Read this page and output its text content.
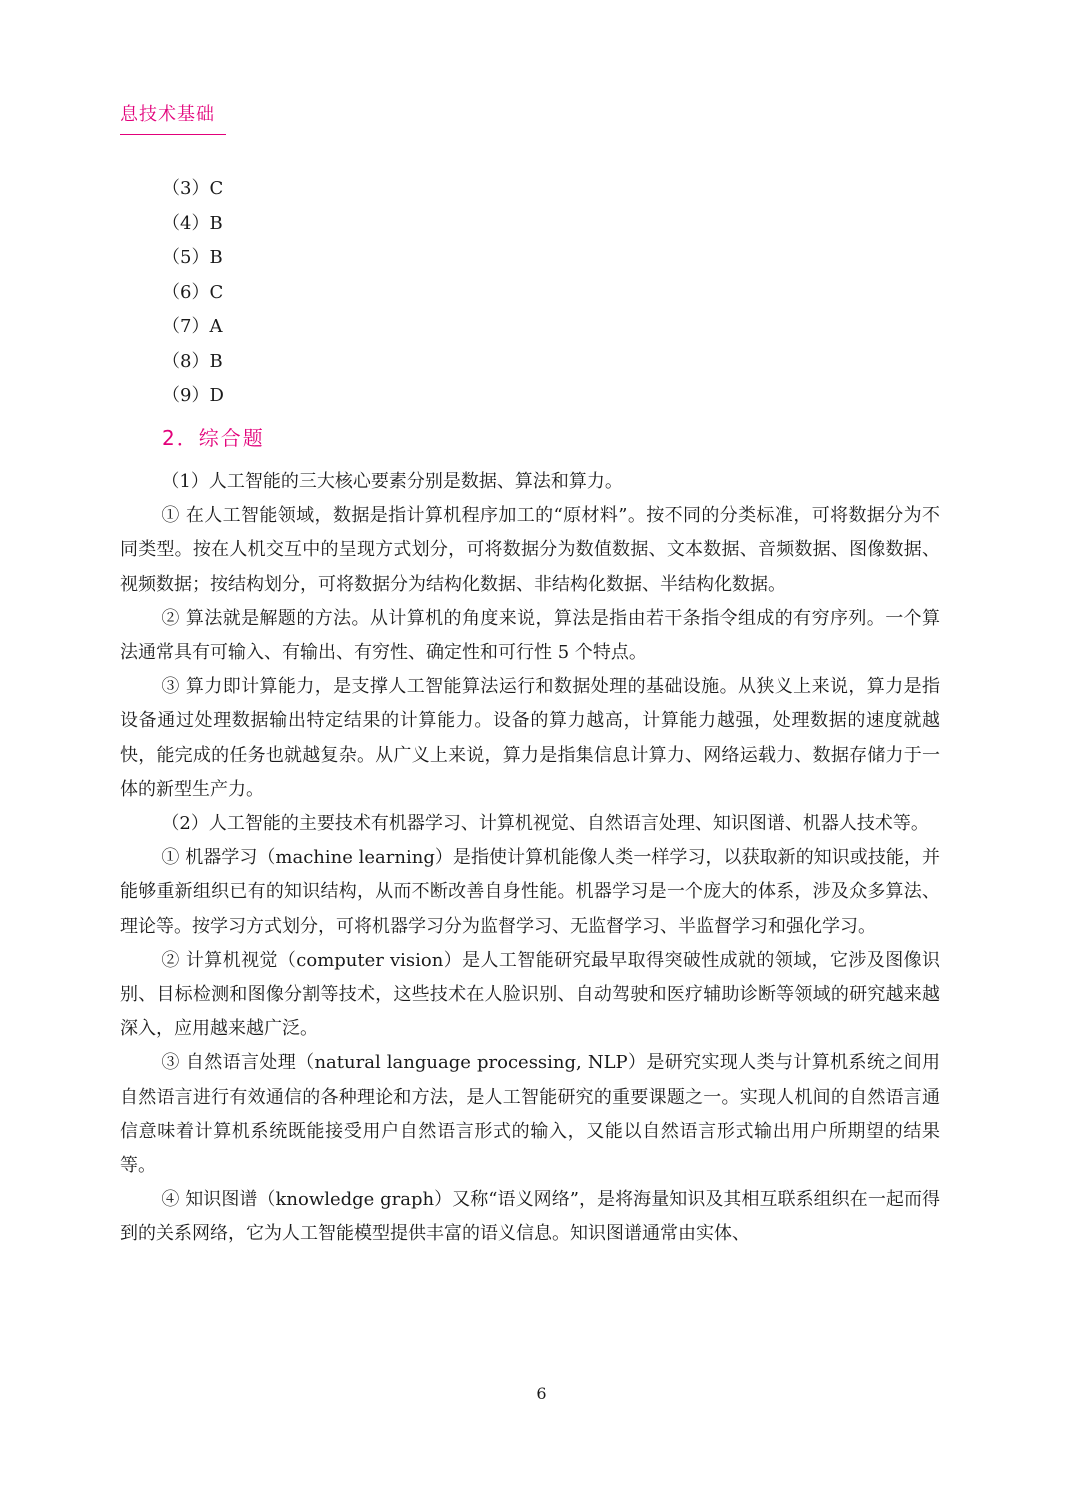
息技术基础
（3）C
（4）B
（5）B
（6）C
（7）A
（8）B
（9）D
2．综合题

（1）人工智能的三大核心要素分别是数据、算法和算力。

① 在人工智能领域，数据是指计算机程序加工的“原材料”。按不同的分类标准，可将数据分为不同类型。按在人机交互中的呈现方式划分，可将数据分为数值数据、文本数据、音频数据、图像数据、视频数据；按结构划分，可将数据分为结构化数据、非结构化数据、半结构化数据。

② 算法就是解题的方法。从计算机的角度来说，算法是指由若干条指令组成的有穷序列。一个算法通常具有可输入、有输出、有穷性、确定性和可行性 5 个特点。

③ 算力即计算能力，是支撑人工智能算法运行和数据处理的基础设施。从狭义上来说，算力是指设备通过处理数据输出特定结果的计算能力。设备的算力越高，计算能力越强，处理数据的速度就越快，能完成的任务也就越复杂。从广义上来说，算力是指集信息计算力、网络运载力、数据存储力于一体的新型生产力。

（2）人工智能的主要技术有机器学习、计算机视觉、自然语言处理、知识图谱、机器人技术等。

① 机器学习（machine learning）是指使计算机能像人类一样学习，以获取新的知识或技能，并能够重新组织已有的知识结构，从而不断改善自身性能。机器学习是一个庞大的体系，涉及众多算法、理论等。按学习方式划分，可将机器学习分为监督学习、无监督学习、半监督学习和强化学习。

② 计算机视觉（computer vision）是人工智能研究最早取得突破性成就的领域，它涉及图像识别、目标检测和图像分割等技术，这些技术在人脸识别、自动驾驶和医疗辅助诊断等领域的研究越来越深入，应用越来越广泛。

③ 自然语言处理（natural language processing, NLP）是研究实现人类与计算机系统之间用自然语言进行有效通信的各种理论和方法，是人工智能研究的重要课题之一。实现人机间的自然语言通信意味着计算机系统既能接受用户自然语言形式的输入，又能以自然语言形式输出用户所期望的结果等。

④ 知识图谱（knowledge graph）又称“语义网络”，是将海量知识及其相互联系组织在一起而得到的关系网络，它为人工智能模型提供丰富的语义信息。知识图谱通常由实体、

6
